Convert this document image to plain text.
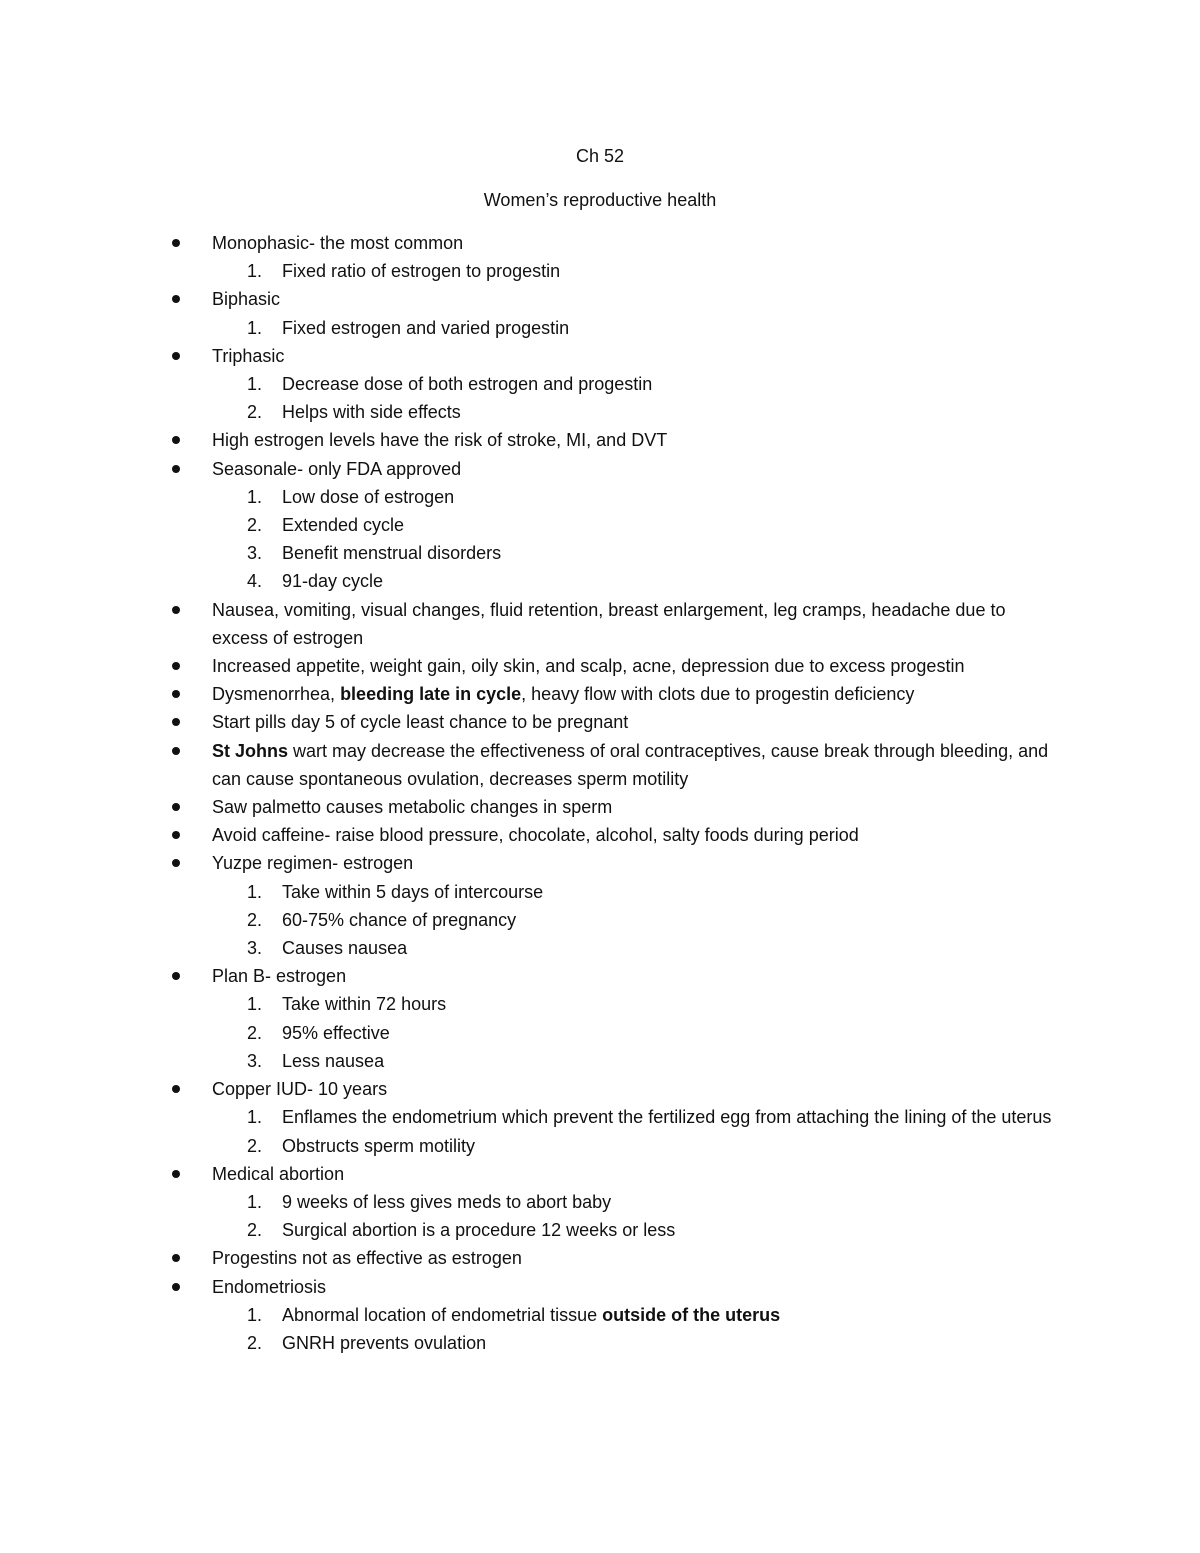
Ch 52
Women’s reproductive health
Monophasic- the most common
1. Fixed ratio of estrogen to progestin
Biphasic
1. Fixed estrogen and varied progestin
Triphasic
1. Decrease dose of both estrogen and progestin
2. Helps with side effects
High estrogen levels have the risk of stroke, MI, and DVT
Seasonale- only FDA approved
1. Low dose of estrogen
2. Extended cycle
3. Benefit menstrual disorders
4. 91-day cycle
Nausea, vomiting, visual changes, fluid retention, breast enlargement, leg cramps, headache due to excess of estrogen
Increased appetite, weight gain, oily skin, and scalp, acne, depression due to excess progestin
Dysmenorrhea, bleeding late in cycle, heavy flow with clots due to progestin deficiency
Start pills day 5 of cycle least chance to be pregnant
St Johns wart may decrease the effectiveness of oral contraceptives, cause break through bleeding, and can cause spontaneous ovulation, decreases sperm motility
Saw palmetto causes metabolic changes in sperm
Avoid caffeine- raise blood pressure, chocolate, alcohol, salty foods during period
Yuzpe regimen- estrogen
1. Take within 5 days of intercourse
2. 60-75% chance of pregnancy
3. Causes nausea
Plan B- estrogen
1. Take within 72 hours
2. 95% effective
3. Less nausea
Copper IUD- 10 years
1. Enflames the endometrium which prevent the fertilized egg from attaching the lining of the uterus
2. Obstructs sperm motility
Medical abortion
1. 9 weeks of less gives meds to abort baby
2. Surgical abortion is a procedure 12 weeks or less
Progestins not as effective as estrogen
Endometriosis
1. Abnormal location of endometrial tissue outside of the uterus
2. GNRH prevents ovulation
